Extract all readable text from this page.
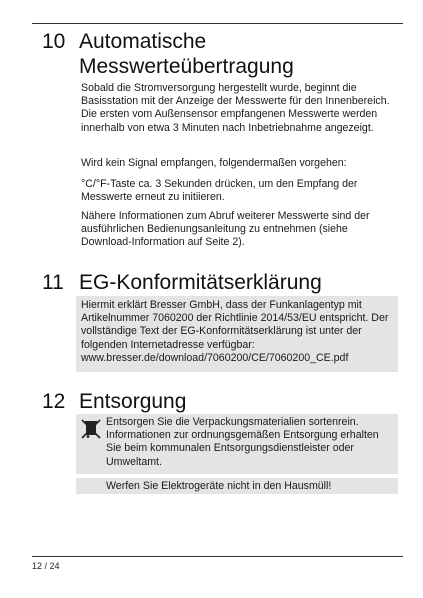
10 Automatische
Messwerteübertragung
Sobald die Stromversorgung hergestellt wurde, beginnt die Basisstation mit der Anzeige der Messwerte für den Innenbereich. Die ersten vom Außensensor empfangenen Messwerte werden innerhalb von etwa 3 Minuten nach Inbetriebnahme angezeigt.
Wird kein Signal empfangen, folgendermaßen vorgehen:
°C/°F-Taste ca. 3 Sekunden drücken, um den Empfang der Messwerte erneut zu initiieren.
Nähere Informationen zum Abruf weiterer Messwerte sind der ausführlichen Bedienungsanleitung zu entnehmen (siehe Download-Information auf Seite 2).
11 EG-Konformitätserklärung
Hiermit erklärt Bresser GmbH, dass der Funkanlagentyp mit Artikelnummer 7060200 der Richtlinie 2014/53/EU entspricht. Der vollständige Text der EG-Konformitätserklärung ist unter der folgenden Internetadresse verfügbar: www.bresser.de/download/7060200/CE/7060200_CE.pdf
12 Entsorgung
Entsorgen Sie die Verpackungsmaterialien sortenrein. Informationen zur ordnungsgemäßen Entsorgung erhalten Sie beim kommunalen Entsorgungsdienstleister oder Umweltamt.
Werfen Sie Elektrogeräte nicht in den Hausmüll!
12 / 24
